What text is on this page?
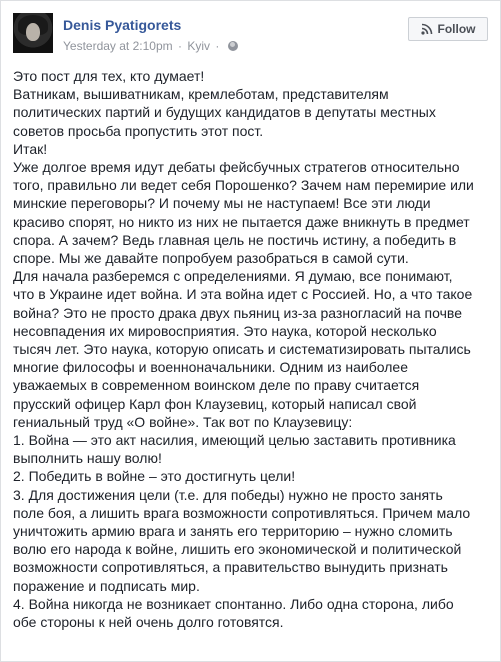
Denis Pyatigorets
Yesterday at 2:10pm · Kyiv ·
Follow

Это пост для тех, кто думает!

Ватникам, вышиватникам, кремлеботам, представителям

политических партий и будущих кандидатов в депутаты местных

советов просьба пропустить этот пост.

Итак!

Уже долгое время идут дебаты фейсбучных стратегов относительно

того, правильно ли ведет себя Порошенко? Зачем нам перемирие или

минские переговоры? И почему мы не наступаем! Все эти люди

красиво спорят, но никто из них не пытается даже вникнуть в предмет

спора. А зачем? Ведь главная цель не постичь истину, а победить в

споре. Мы же давайте попробуем разобраться в самой сути.

Для начала разберемся с определениями. Я думаю, все понимают,

что в Украине идет война. И эта война идет с Россией. Но, а что такое

война? Это не просто драка двух пьяниц из-за разногласий на почве

несовпадения их мировосприятия. Это наука, которой несколько

тысяч лет. Это наука, которую описать и систематизировать пытались

многие философы и военноначальники. Одним из наиболее

уважаемых в современном воинском деле по праву считается

прусский офицер Карл фон Клаузевиц, который написал свой

гениальный труд «О войне». Так вот по Клаузевицу:

1. Война — это акт насилия, имеющий целью заставить противника

выполнить нашу волю!

2. Победить в войне – это достигнуть цели!

3. Для достижения цели (т.е. для победы) нужно не просто занять

поле боя, а лишить врага возможности сопротивляться. Причем мало

уничтожить армию врага и занять его территорию – нужно сломить

волю его народа к войне, лишить его экономической и политической

возможности сопротивляться, а правительство вынудить признать

поражение и подписать мир.

4. Война никогда не возникает спонтанно. Либо одна сторона, либо

обе стороны к ней очень долго готовятся.
